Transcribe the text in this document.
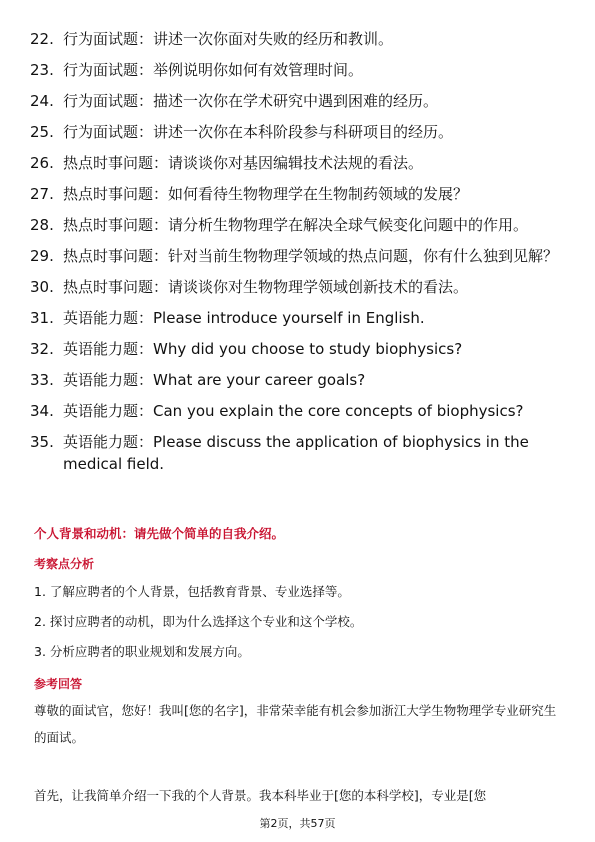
22. 行为面试题：讲述一次你面对失败的经历和教训。
23. 行为面试题：举例说明你如何有效管理时间。
24. 行为面试题：描述一次你在学术研究中遇到困难的经历。
25. 行为面试题：讲述一次你在本科阶段参与科研项目的经历。
26. 热点时事问题：请谈谈你对基因编辑技术法规的看法。
27. 热点时事问题：如何看待生物物理学在生物制药领域的发展？
28. 热点时事问题：请分析生物物理学在解决全球气候变化问题中的作用。
29. 热点时事问题：针对当前生物物理学领域的热点问题，你有什么独到见解？
30. 热点时事问题：请谈谈你对生物物理学领域创新技术的看法。
31. 英语能力题：Please introduce yourself in English.
32. 英语能力题：Why did you choose to study biophysics?
33. 英语能力题：What are your career goals?
34. 英语能力题：Can you explain the core concepts of biophysics?
35. 英语能力题：Please discuss the application of biophysics in the medical field.
个人背景和动机：请先做个简单的自我介绍。
考察点分析
1. 了解应聘者的个人背景，包括教育背景、专业选择等。
2. 探讨应聘者的动机，即为什么选择这个专业和这个学校。
3. 分析应聘者的职业规划和发展方向。
参考回答
尊敬的面试官，您好！我叫[您的名字]，非常荣幸能有机会参加浙江大学生物物理学专业研究生的面试。
首先，让我简单介绍一下我的个人背景。我本科毕业于[您的本科学校]，专业是[您
第2页，共57页
